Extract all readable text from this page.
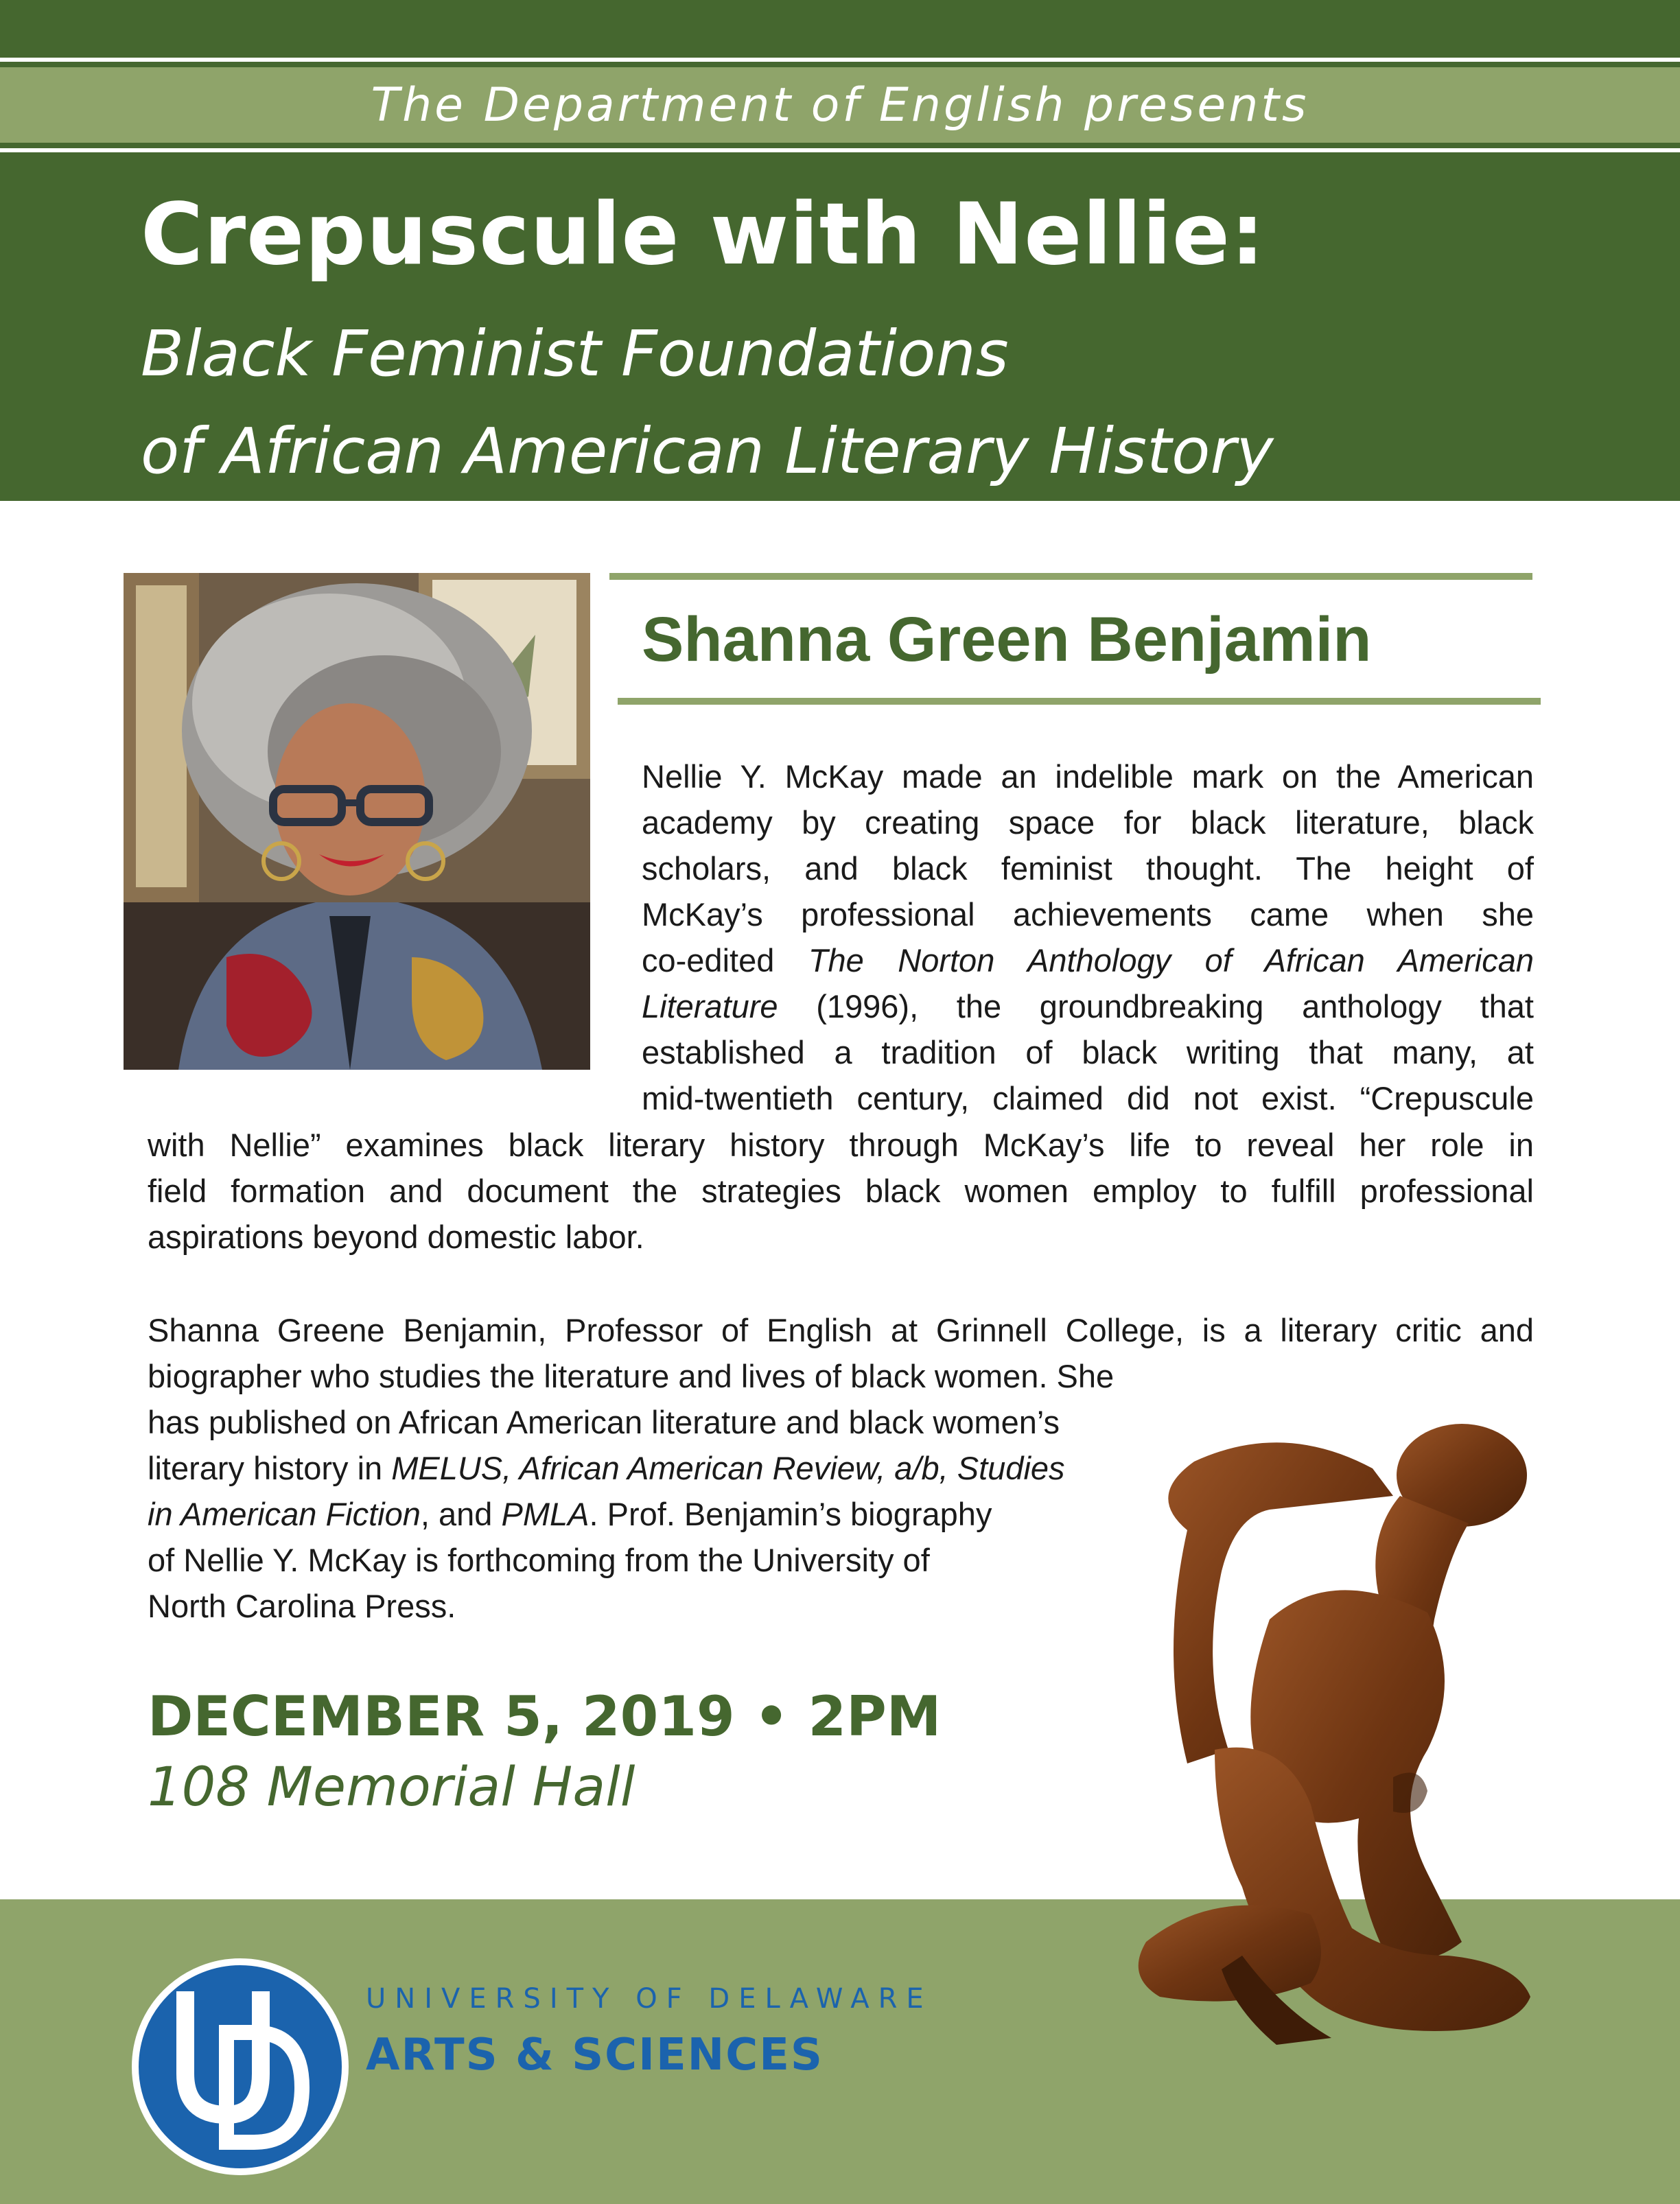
The Department of English presents
Crepuscule with Nellie:
Black Feminist Foundations
of African American Literary History
Shanna Green Benjamin
Nellie Y. McKay made an indelible mark on the American
academy by creating space for black literature, black
scholars, and black feminist thought. The height of
McKay’s professional achievements came when she
co-edited The Norton Anthology of African American
Literature (1996), the groundbreaking anthology that
established a tradition of black writing that many, at
mid-twentieth century, claimed did not exist. “Crepuscule
with Nellie” examines black literary history through McKay’s life to reveal her role in
field formation and document the strategies black women employ to fulfill professional
aspirations beyond domestic labor.
Shanna Greene Benjamin, Professor of English at Grinnell College, is a literary critic and
biographer who studies the literature and lives of black women. She
has published on African American literature and black women’s
literary history in MELUS, African American Review, a/b, Studies
in American Fiction, and PMLA. Prof. Benjamin’s biography
of Nellie Y. McKay is forthcoming from the University of
North Carolina Press.
DECEMBER 5, 2019 • 2PM
108 Memorial Hall
UNIVERSITY OF DELAWARE
ARTS & SCIENCES
